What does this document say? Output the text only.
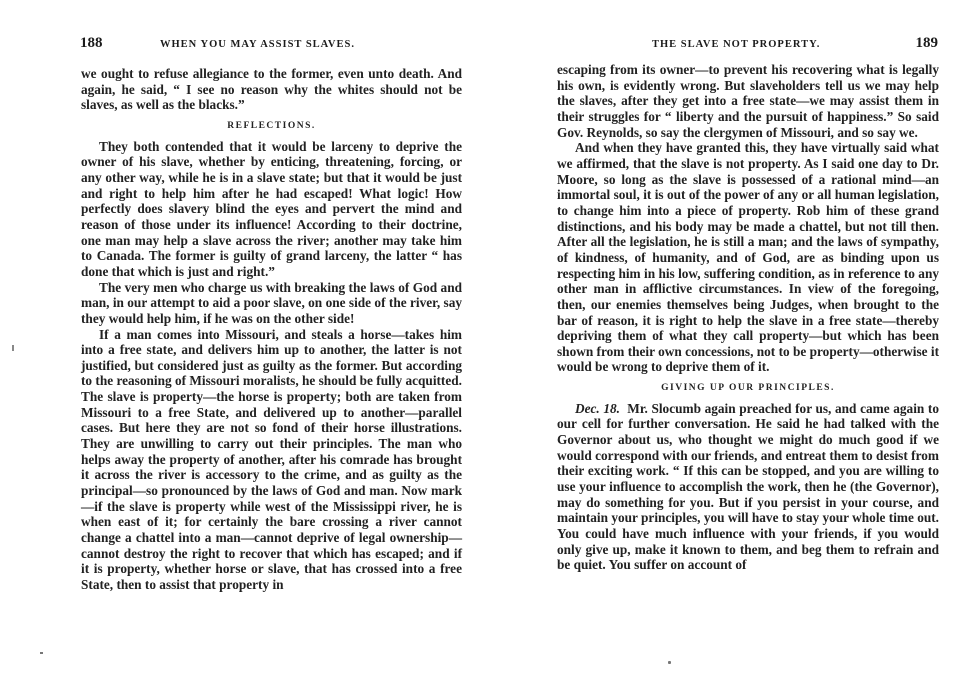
188	WHEN YOU MAY ASSIST SLAVES.

we ought to refuse allegiance to the former, even unto death. And again, he said, “ I see no reason why the whites should not be slaves, as well as the blacks.”

REFLECTIONS.

They both contended that it would be larceny to deprive the owner of his slave, whether by enticing, threatening, forcing, or any other way, while he is in a slave state; but that it would be just and right to help him after he had escaped! What logic! How perfectly does slavery blind the eyes and pervert the mind and reason of those under its influence! According to their doctrine, one man may help a slave across the river; another may take him to Canada. The former is guilty of grand larceny, the latter “ has done that which is just and right.”

The very men who charge us with breaking the laws of God and man, in our attempt to aid a poor slave, on one side of the river, say they would help him, if he was on the other side!

If a man comes into Missouri, and steals a horse—takes him into a free state, and delivers him up to another, the latter is not justified, but considered just as guilty as the former. But according to the reasoning of Missouri moralists, he should be fully acquitted. The slave is property—the horse is property; both are taken from Missouri to a free State, and delivered up to another—parallel cases. But here they are not so fond of their horse illustrations. They are unwilling to carry out their principles. The man who helps away the property of another, after his comrade has brought it across the river is accessory to the crime, and as guilty as the principal—so pronounced by the laws of God and man. Now mark—if the slave is property while west of the Mississippi river, he is when east of it; for certainly the bare crossing a river cannot change a chattel into a man—cannot deprive of legal ownership—cannot destroy the right to recover that which has escaped; and if it is property, whether horse or slave, that has crossed into a free State, then to assist that property in

THE SLAVE NOT PROPERTY.	189

escaping from its owner—to prevent his recovering what is legally his own, is evidently wrong. But slaveholders tell us we may help the slaves, after they get into a free state—we may assist them in their struggles for “ liberty and the pursuit of happiness.” So said Gov. Reynolds, so say the clergymen of Missouri, and so say we.

And when they have granted this, they have virtually said what we affirmed, that the slave is not property. As I said one day to Dr. Moore, so long as the slave is possessed of a rational mind—an immortal soul, it is out of the power of any or all human legislation, to change him into a piece of property. Rob him of these grand distinctions, and his body may be made a chattel, but not till then. After all the legislation, he is still a man; and the laws of sympathy, of kindness, of humanity, and of God, are as binding upon us respecting him in his low, suffering condition, as in reference to any other man in afflictive circumstances. In view of the foregoing, then, our enemies themselves being Judges, when brought to the bar of reason, it is right to help the slave in a free state—thereby depriving them of what they call property—but which has been shown from their own concessions, not to be property—otherwise it would be wrong to deprive them of it.

GIVING UP OUR PRINCIPLES.

Dec. 18. Mr. Slocumb again preached for us, and came again to our cell for further conversation. He said he had talked with the Governor about us, who thought we might do much good if we would correspond with our friends, and entreat them to desist from their exciting work. “ If this can be stopped, and you are willing to use your influence to accomplish the work, then he (the Governor), may do something for you. But if you persist in your course, and maintain your principles, you will have to stay your whole time out. You could have much influence with your friends, if you would only give up, make it known to them, and beg them to refrain and be quiet. You suffer on account of
